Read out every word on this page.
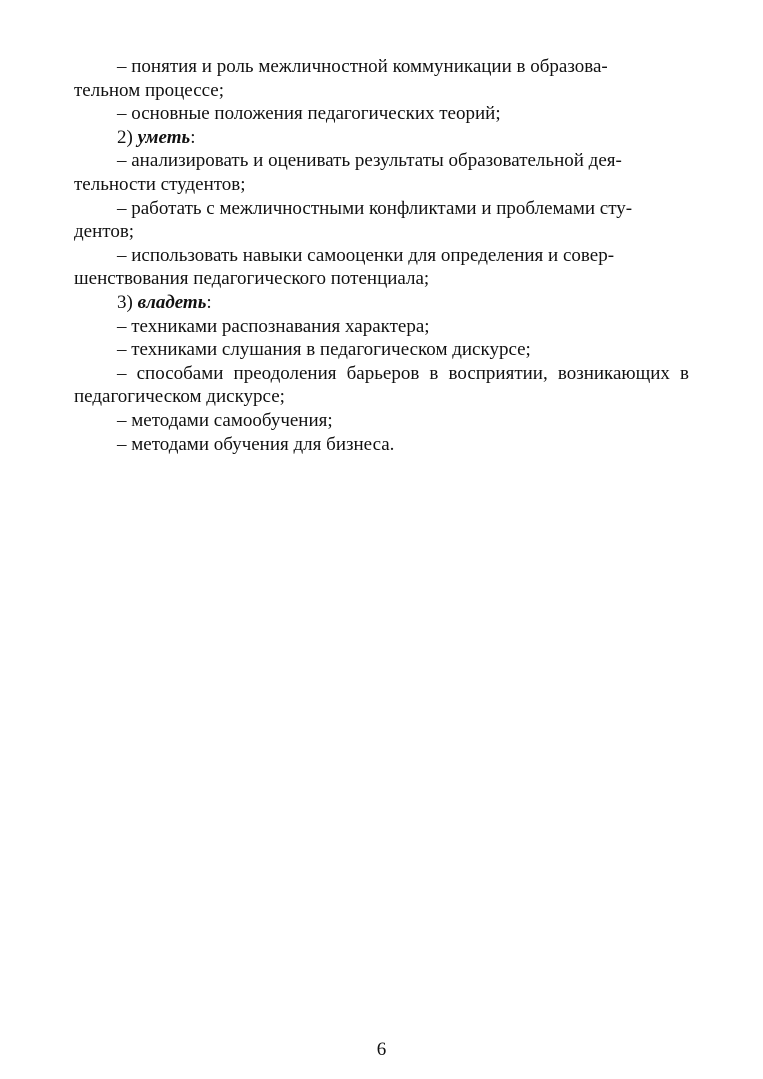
– понятия и роль межличностной коммуникации в образова-
тельном процессе;

– основные положения педагогических теорий;

2) уметь:

– анализировать и оценивать результаты образовательной дея-
тельности студентов;

– работать с межличностными конфликтами и проблемами сту-
дентов;

– использовать навыки самооценки для определения и совер-
шенствования педагогического потенциала;

3) владеть:

– техниками распознавания характера;

– техниками слушания в педагогическом дискурсе;

– способами преодоления барьеров в восприятии, возникающих в педагогическом дискурсе;

– методами самообучения;

– методами обучения для бизнеса.

6
